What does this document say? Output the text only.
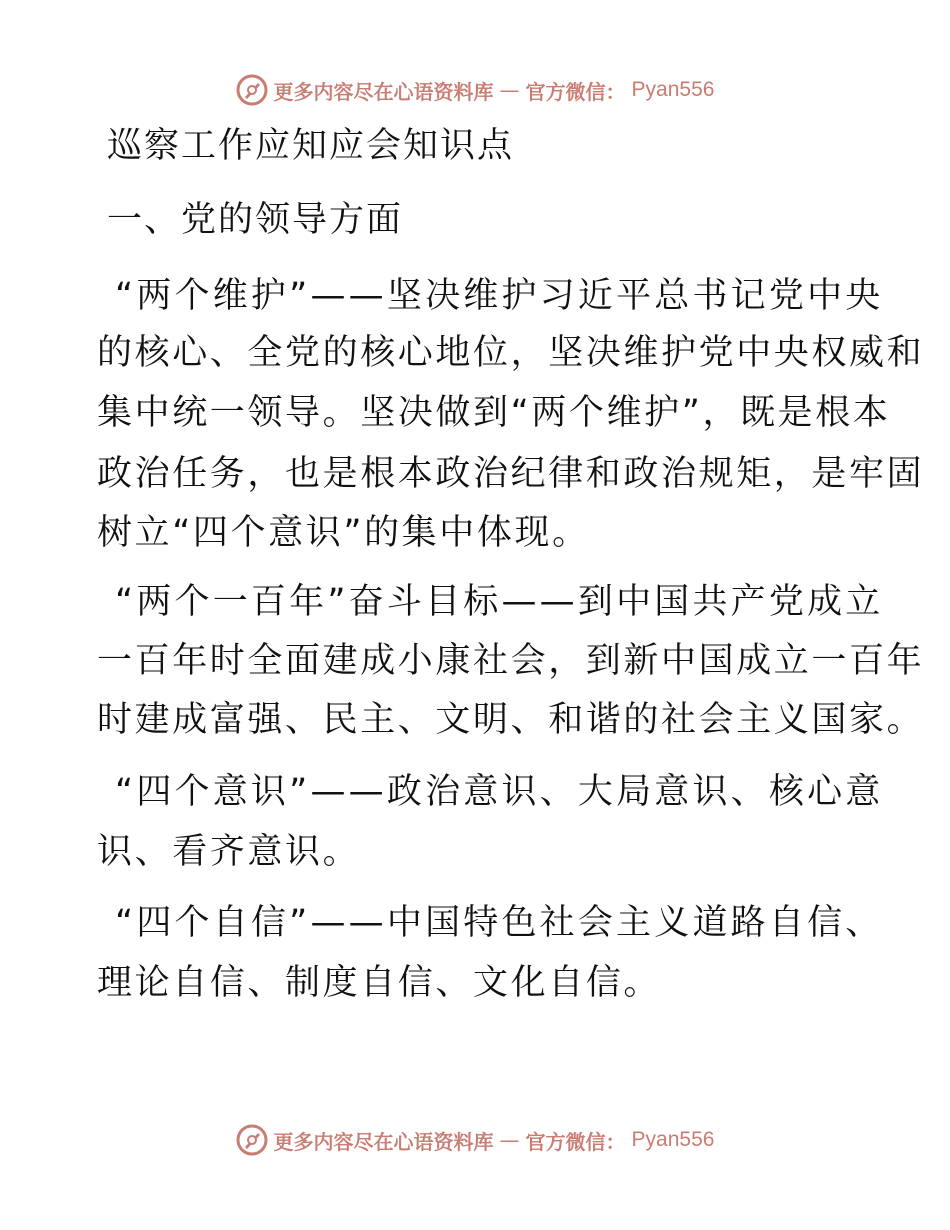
更多内容尽在心语资料库 — 官方微信： Pyan556
巡察工作应知应会知识点
一、党的领导方面
“两个维护”——坚决维护习近平总书记党中央
的核心、全党的核心地位，坚决维护党中央权威和
集中统一领导。坚决做到“两个维护”，既是根本
政治任务，也是根本政治纪律和政治规矩，是牢固
树立“四个意识”的集中体现。
“两个一百年”奋斗目标——到中国共产党成立
一百年时全面建成小康社会，到新中国成立一百年
时建成富强、民主、文明、和谐的社会主义国家。
“四个意识”——政治意识、大局意识、核心意
识、看齐意识。
“四个自信”——中国特色社会主义道路自信、
理论自信、制度自信、文化自信。
更多内容尽在心语资料库 — 官方微信： Pyan556
